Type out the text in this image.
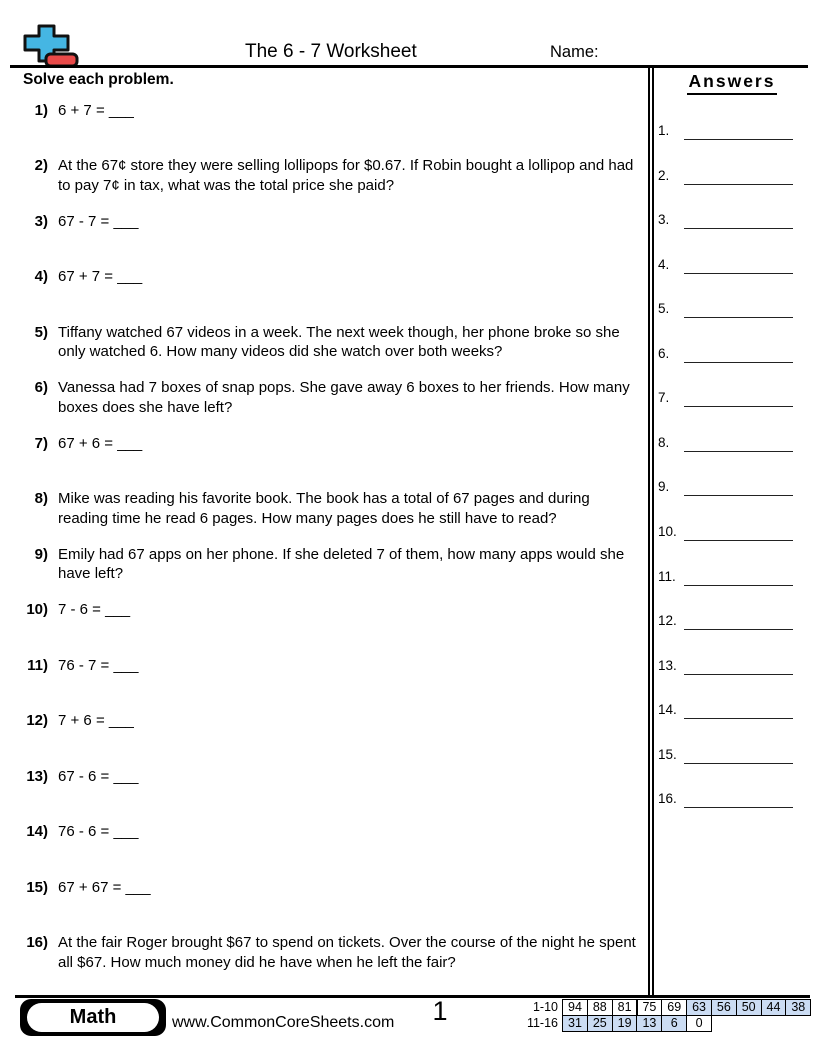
The 6 - 7 Worksheet	Name:
Solve each problem.
1) 6 + 7 = ___
2) At the 67¢ store they were selling lollipops for $0.67. If Robin bought a lollipop and had to pay 7¢ in tax, what was the total price she paid?
3) 67 - 7 = ___
4) 67 + 7 = ___
5) Tiffany watched 67 videos in a week. The next week though, her phone broke so she only watched 6. How many videos did she watch over both weeks?
6) Vanessa had 7 boxes of snap pops. She gave away 6 boxes to her friends. How many boxes does she have left?
7) 67 + 6 = ___
8) Mike was reading his favorite book. The book has a total of 67 pages and during reading time he read 6 pages. How many pages does he still have to read?
9) Emily had 67 apps on her phone. If she deleted 7 of them, how many apps would she have left?
10) 7 - 6 = ___
11) 76 - 7 = ___
12) 7 + 6 = ___
13) 67 - 6 = ___
14) 76 - 6 = ___
15) 67 + 67 = ___
16) At the fair Roger brought $67 to spend on tickets. Over the course of the night he spent all $67. How much money did he have when he left the fair?
Answers
1.
2.
3.
4.
5.
6.
7.
8.
9.
10.
11.
12.
13.
14.
15.
16.
Math	www.CommonCoreSheets.com	1	1-10 94 88 81 75 69 63 56 50 44 38
11-16 31 25 19 13	6	0
